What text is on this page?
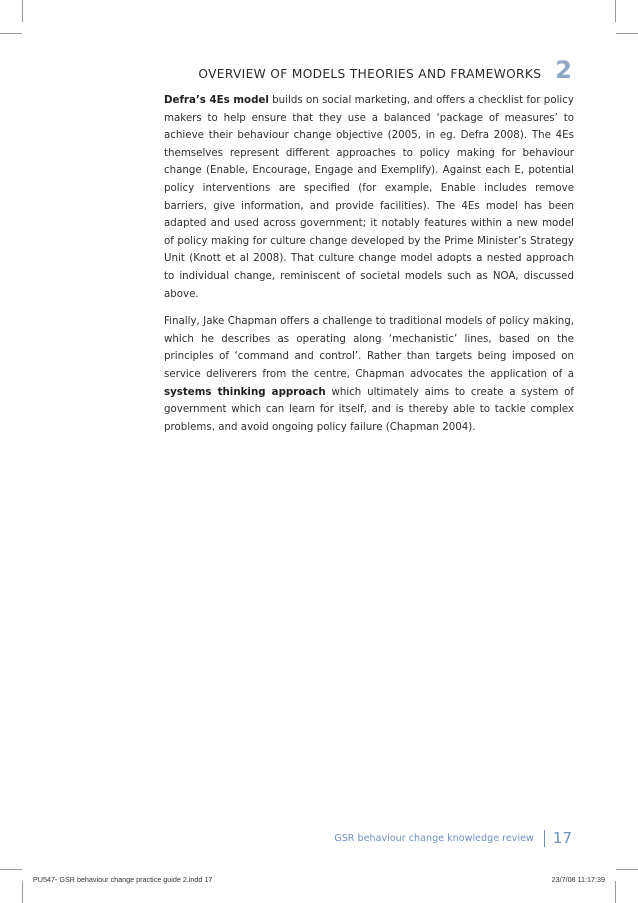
OVERVIEW OF MODELS THEORIES AND FRAMEWORKS 2

Defra’s 4Es model builds on social marketing, and offers a checklist for policy makers to help ensure that they use a balanced ‘package of measures’ to achieve their behaviour change objective (2005, in eg. Defra 2008). The 4Es themselves represent different approaches to policy making for behaviour change (Enable, Encourage, Engage and Exemplify). Against each E, potential policy interventions are specified (for example, Enable includes remove barriers, give information, and provide facilities). The 4Es model has been adapted and used across government; it notably features within a new model of policy making for culture change developed by the Prime Minister’s Strategy Unit (Knott et al 2008). That culture change model adopts a nested approach to individual change, reminiscent of societal models such as NOA, discussed above.

Finally, Jake Chapman offers a challenge to traditional models of policy making, which he describes as operating along ‘mechanistic’ lines, based on the principles of ‘command and control’. Rather than targets being imposed on service deliverers from the centre, Chapman advocates the application of a systems thinking approach which ultimately aims to create a system of government which can learn for itself, and is thereby able to tackle complex problems, and avoid ongoing policy failure (Chapman 2004).

GSR behaviour change knowledge review 17
PU547- GSR behaviour change practice guide 2.indd 17	23/7/08 11:17:39
